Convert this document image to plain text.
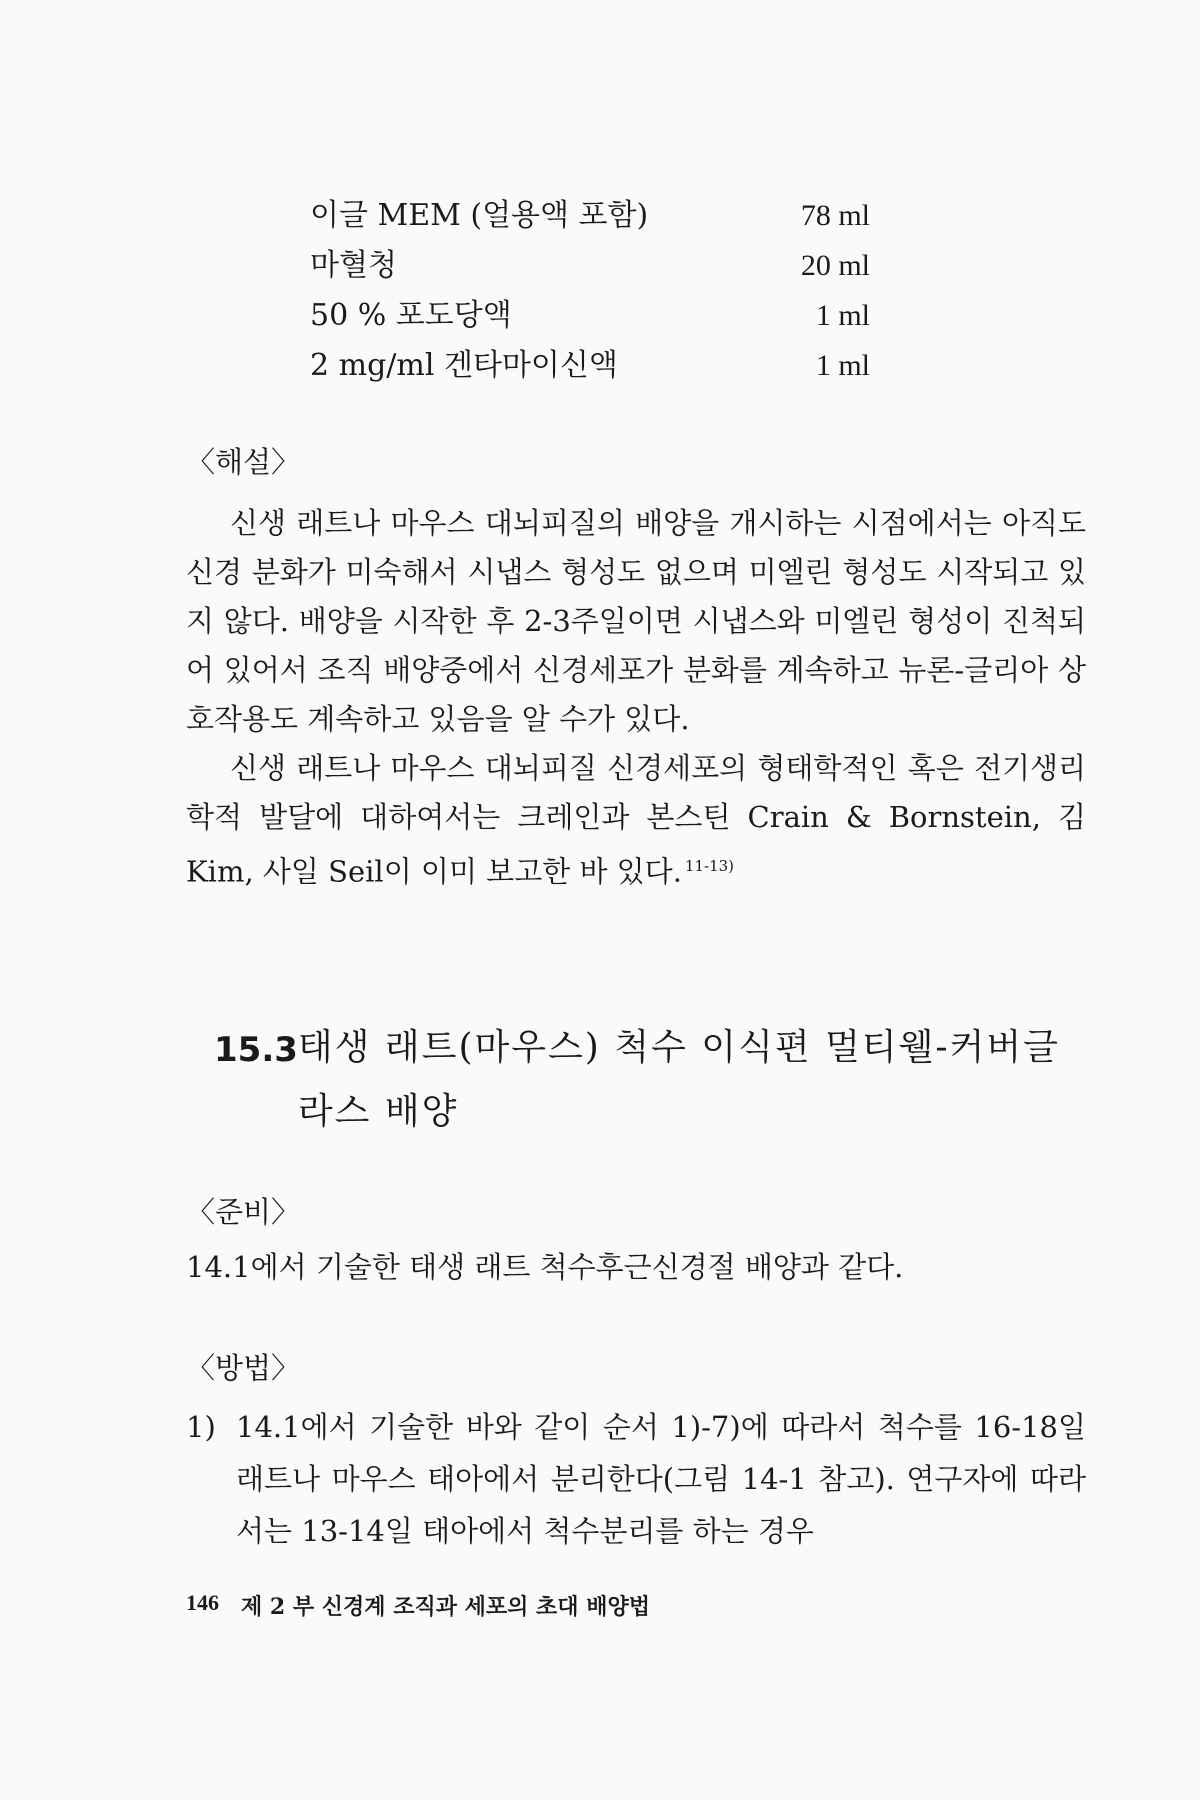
이글 MEM (얼용액 포함)	78 ml
마혈청	20 ml
50 % 포도당액	1 ml
2 mg/ml 겐타마이신액	1 ml

〈해설〉

신생 래트나 마우스 대뇌피질의 배양을 개시하는 시점에서는 아직도 신경 분화가 미숙해서 시냅스 형성도 없으며 미엘린 형성도 시작되고 있지 않다. 배양을 시작한 후 2-3주일이면 시냅스와 미엘린 형성이 진척되어 있어서 조직 배양중에서 신경세포가 분화를 계속하고 뉴론-글리아 상호작용도 계속하고 있음을 알 수가 있다.

신생 래트나 마우스 대뇌피질 신경세포의 형태학적인 혹은 전기생리학적 발달에 대하여서는 크레인과 본스틴 Crain & Bornstein, 김 Kim, 사일 Seil이 이미 보고한 바 있다. $^{11-13)}$

15.3 태생 래트(마우스) 척수 이식편 멀티웰-커버글라스 배양

〈준비〉

14.1에서 기술한 태생 래트 척수후근신경절 배양과 같다.

〈방법〉

1) 14.1에서 기술한 바와 같이 순서 1)-7)에 따라서 척수를 16-18일 래트나 마우스 태아에서 분리한다(그림 14-1 참고). 연구자에 따라서는 13-14일 태아에서 척수분리를 하는 경우

146 제 2 부 신경계 조직과 세포의 초대 배양법
